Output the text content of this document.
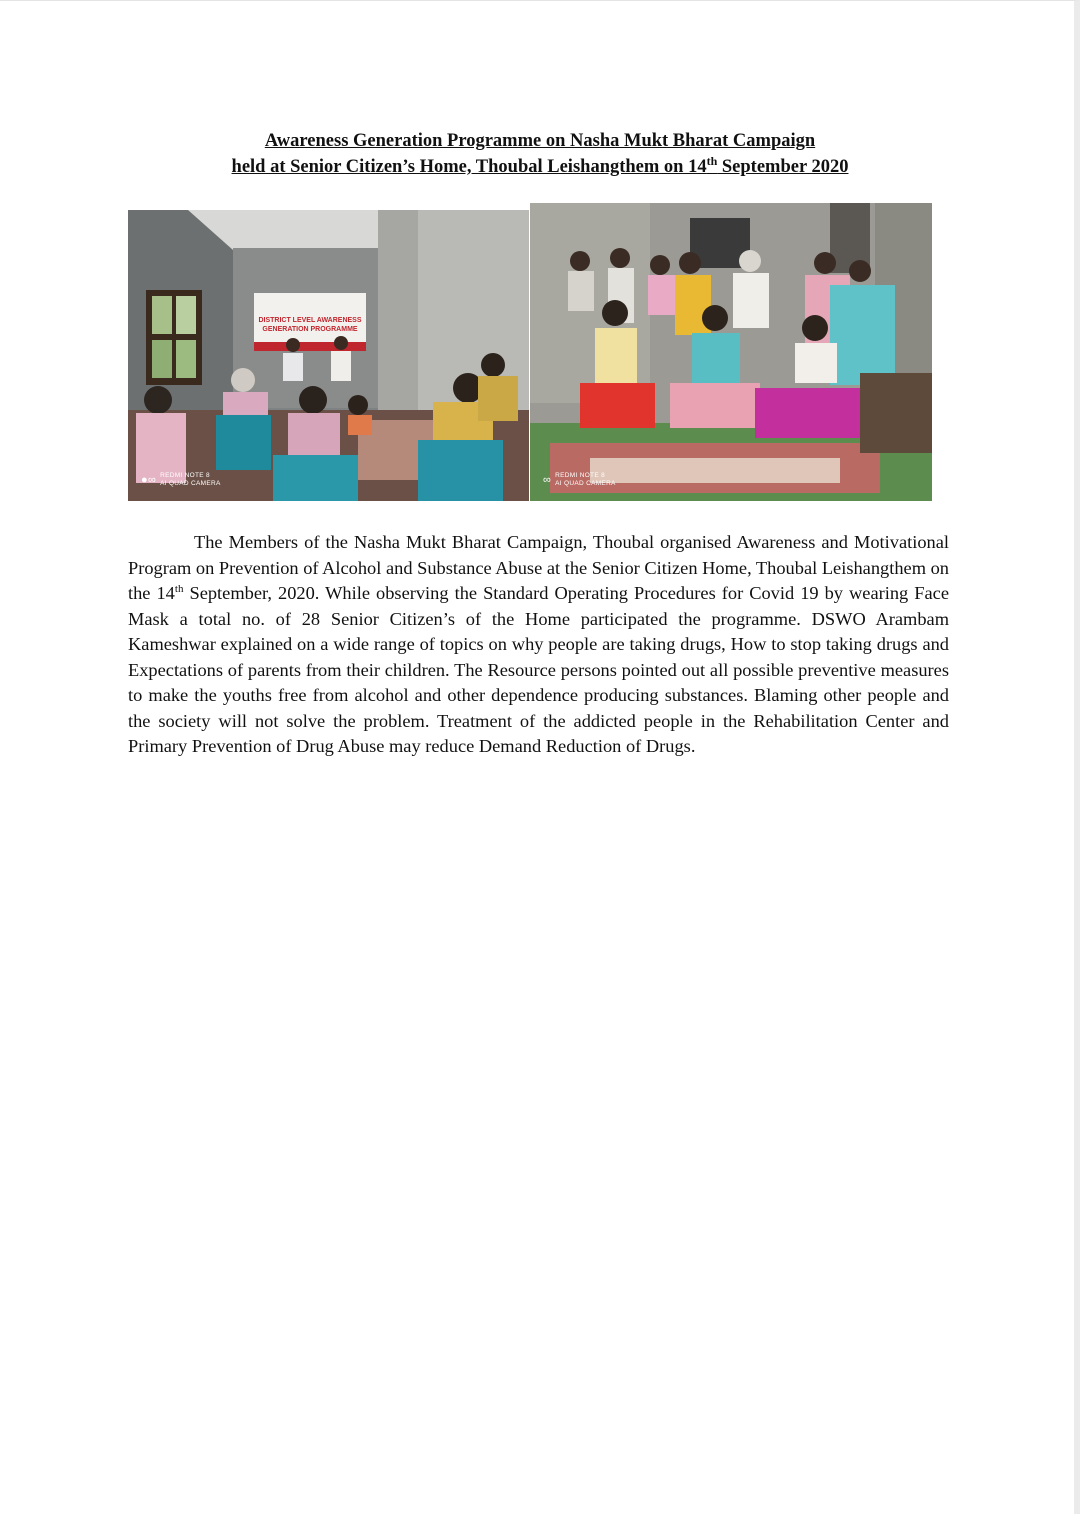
Awareness Generation Programme on Nasha Mukt Bharat Campaign
held at Senior Citizen’s Home, Thoubal Leishangthem on 14th September 2020
DISTRICT LEVEL AWARENESS
GENERATION PROGRAMME
●∞ REDMI NOTE 8
AI QUAD CAMERA	∞ REDMI NOTE 8
AI QUAD CAMERA

The Members of the Nasha Mukt Bharat Campaign, Thoubal organised Awareness and Motivational Program on Prevention of Alcohol and Substance Abuse at the Senior Citizen Home, Thoubal Leishangthem on the 14th September, 2020. While observing the Standard Operating Procedures for Covid 19 by wearing Face Mask a total no. of 28 Senior Citizen’s of the Home participated the programme. DSWO Arambam Kameshwar explained on a wide range of topics on why people are taking drugs, How to stop taking drugs and Expectations of parents from their children. The Resource persons pointed out all possible preventive measures to make the youths free from alcohol and other dependence producing substances. Blaming other people and the society will not solve the problem. Treatment of the addicted people in the Rehabilitation Center and Primary Prevention of Drug Abuse may reduce Demand Reduction of Drugs.
